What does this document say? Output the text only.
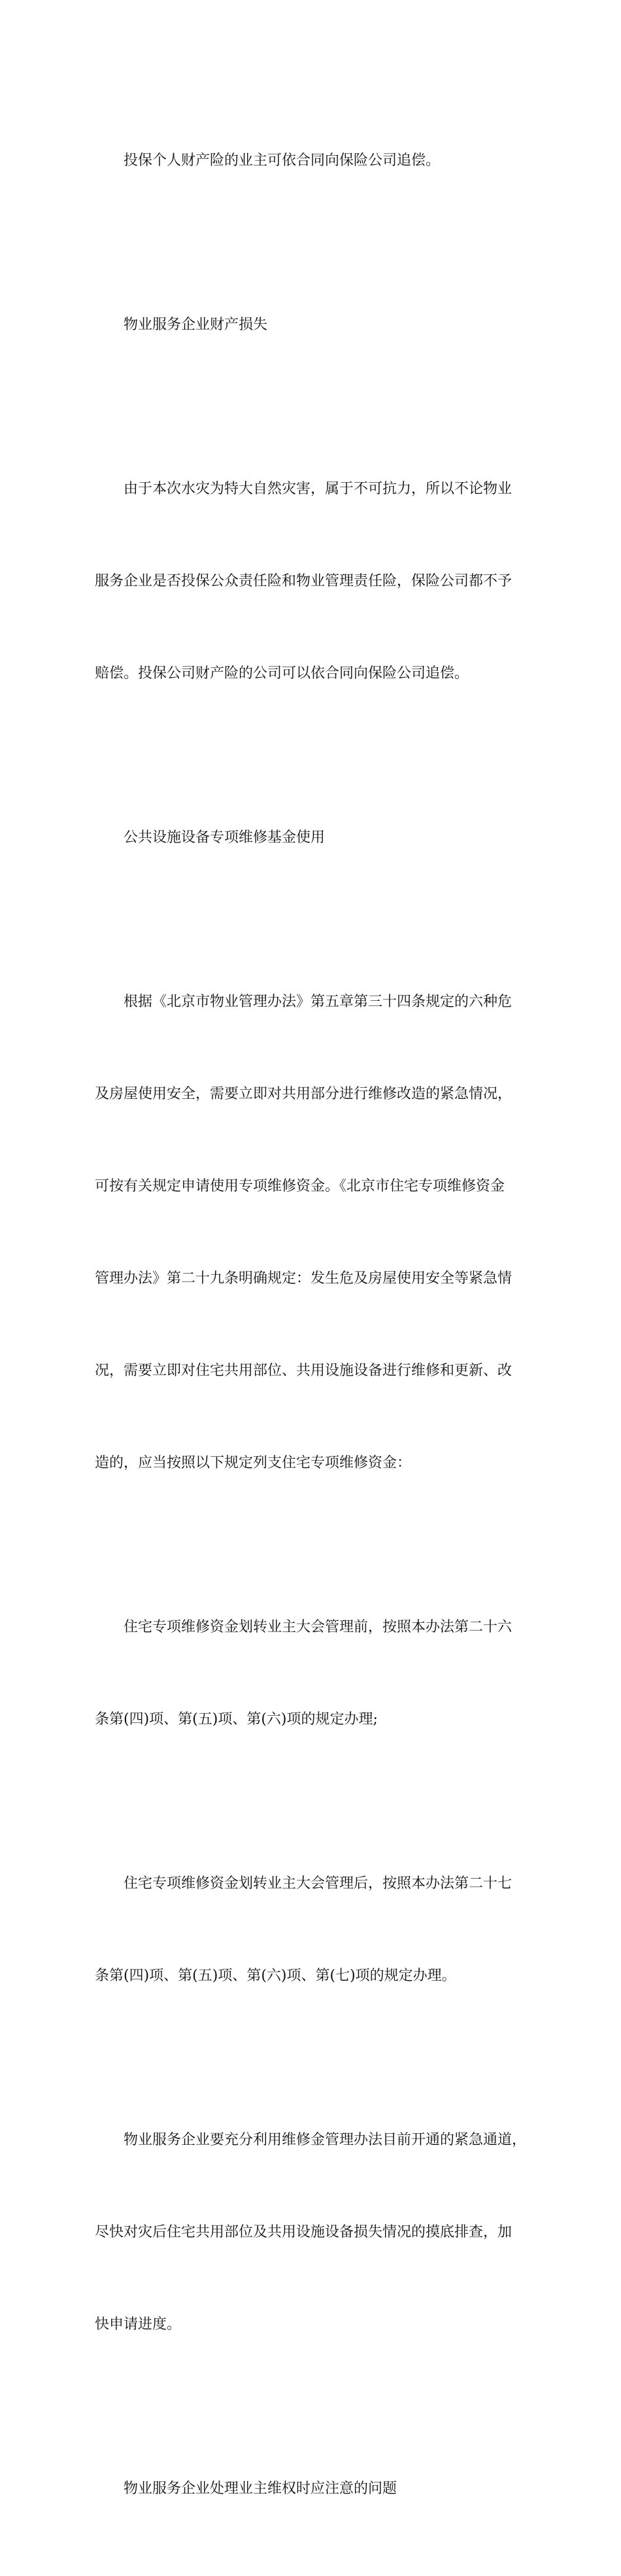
投保个人财产险的业主可依合同向保险公司追偿。

物业服务企业财产损失

由于本次水灾为特大自然灾害，属于不可抗力，所以不论物业

服务企业是否投保公众责任险和物业管理责任险，保险公司都不予

赔偿。投保公司财产险的公司可以依合同向保险公司追偿。

公共设施设备专项维修基金使用

根据《北京市物业管理办法》第五章第三十四条规定的六种危

及房屋使用安全，需要立即对共用部分进行维修改造的紧急情况，

可按有关规定申请使用专项维修资金。《北京市住宅专项维修资金

管理办法》第二十九条明确规定：发生危及房屋使用安全等紧急情

况，需要立即对住宅共用部位、共用设施设备进行维修和更新、改

造的，应当按照以下规定列支住宅专项维修资金：

住宅专项维修资金划转业主大会管理前，按照本办法第二十六

条第(四)项、第(五)项、第(六)项的规定办理;

住宅专项维修资金划转业主大会管理后，按照本办法第二十七

条第(四)项、第(五)项、第(六)项、第(七)项的规定办理。

物业服务企业要充分利用维修金管理办法目前开通的紧急通道，

尽快对灾后住宅共用部位及共用设施设备损失情况的摸底排查，加

快申请进度。

物业服务企业处理业主维权时应注意的问题
